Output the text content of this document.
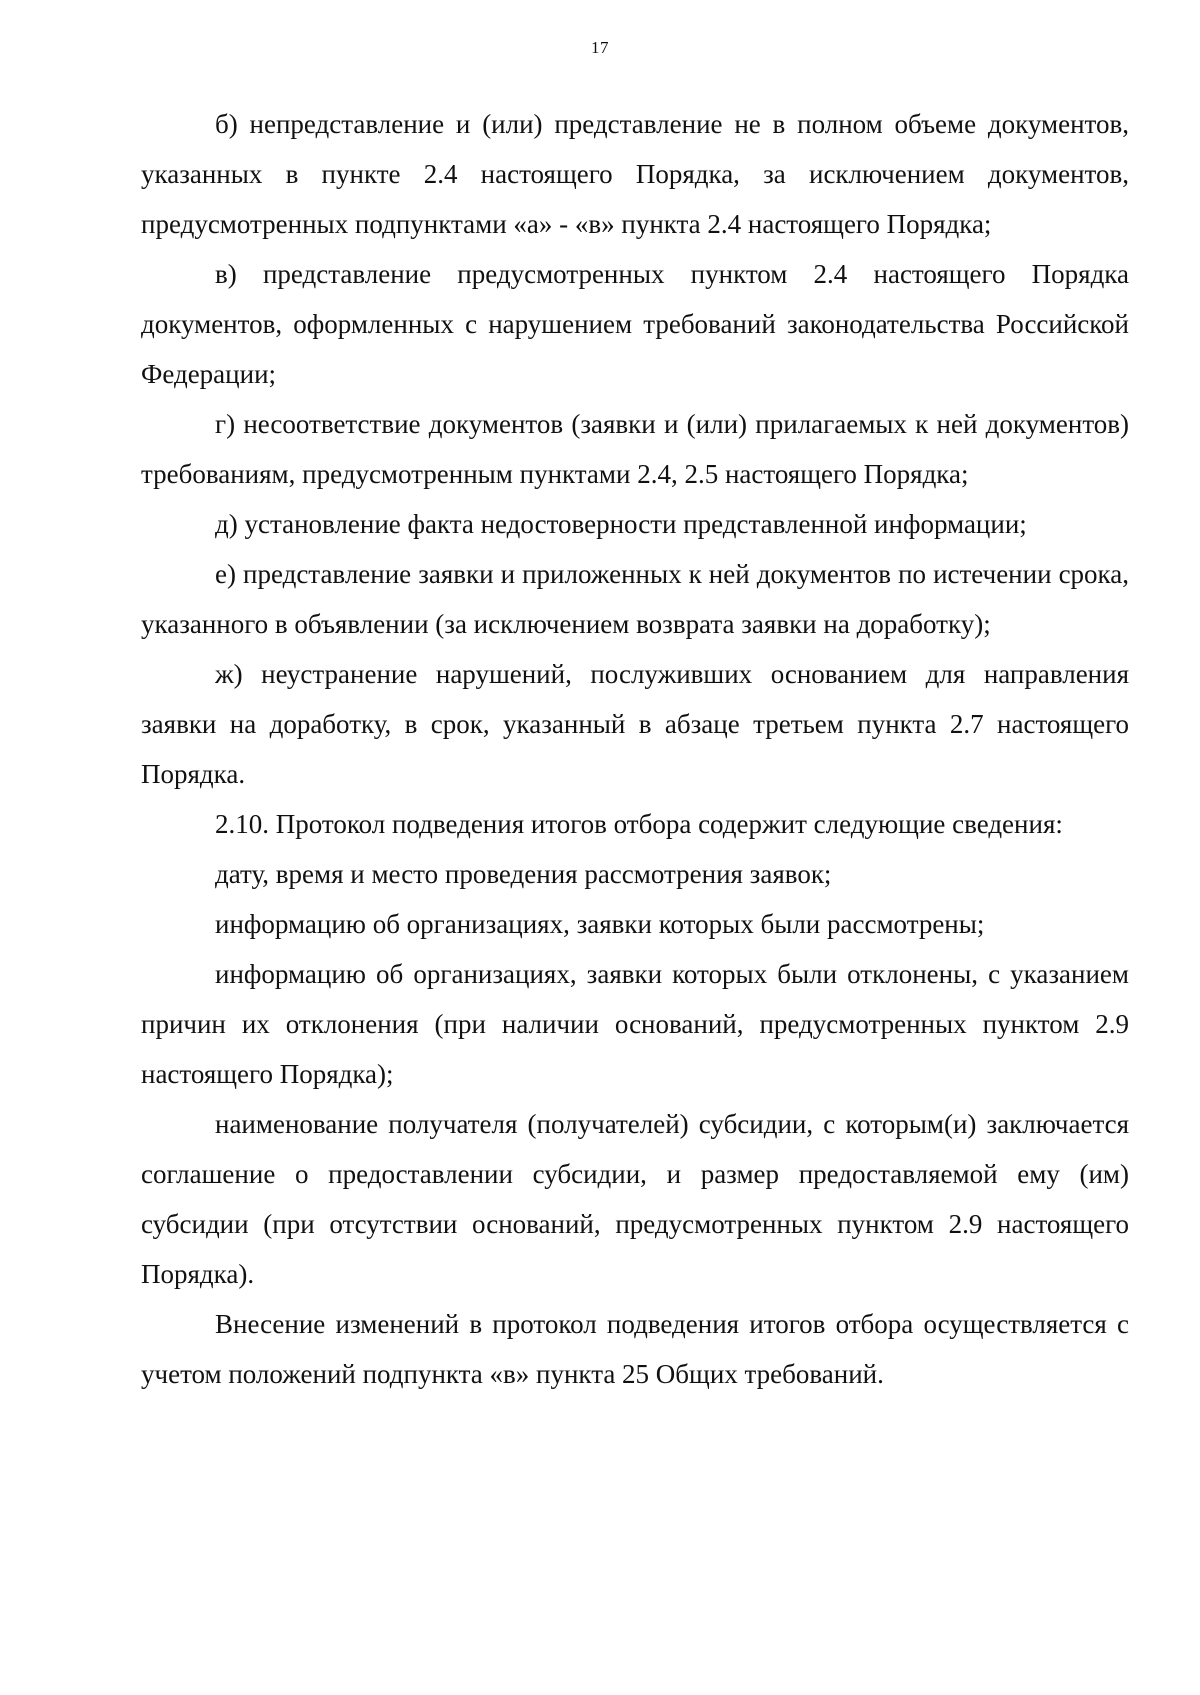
17

б) непредставление и (или) представление не в полном объеме документов, указанных в пункте 2.4 настоящего Порядка, за исключением документов, предусмотренных подпунктами «а» - «в» пункта 2.4 настоящего Порядка;

в) представление предусмотренных пунктом 2.4 настоящего Порядка документов, оформленных с нарушением требований законодательства Российской Федерации;

г) несоответствие документов (заявки и (или) прилагаемых к ней документов) требованиям, предусмотренным пунктами 2.4, 2.5 настоящего Порядка;

д) установление факта недостоверности представленной информации;

е) представление заявки и приложенных к ней документов по истечении срока, указанного в объявлении (за исключением возврата заявки на доработку);

ж) неустранение нарушений, послуживших основанием для направления заявки на доработку, в срок, указанный в абзаце третьем пункта 2.7 настоящего Порядка.

2.10. Протокол подведения итогов отбора содержит следующие сведения:

дату, время и место проведения рассмотрения заявок;

информацию об организациях, заявки которых были рассмотрены;

информацию об организациях, заявки которых были отклонены, с указанием причин их отклонения (при наличии оснований, предусмотренных пунктом 2.9 настоящего Порядка);

наименование получателя (получателей) субсидии, с которым(и) заключается соглашение о предоставлении субсидии, и размер предоставляемой ему (им) субсидии (при отсутствии оснований, предусмотренных пунктом 2.9 настоящего Порядка).

Внесение изменений в протокол подведения итогов отбора осуществляется с учетом положений подпункта «в» пункта 25 Общих требований.
